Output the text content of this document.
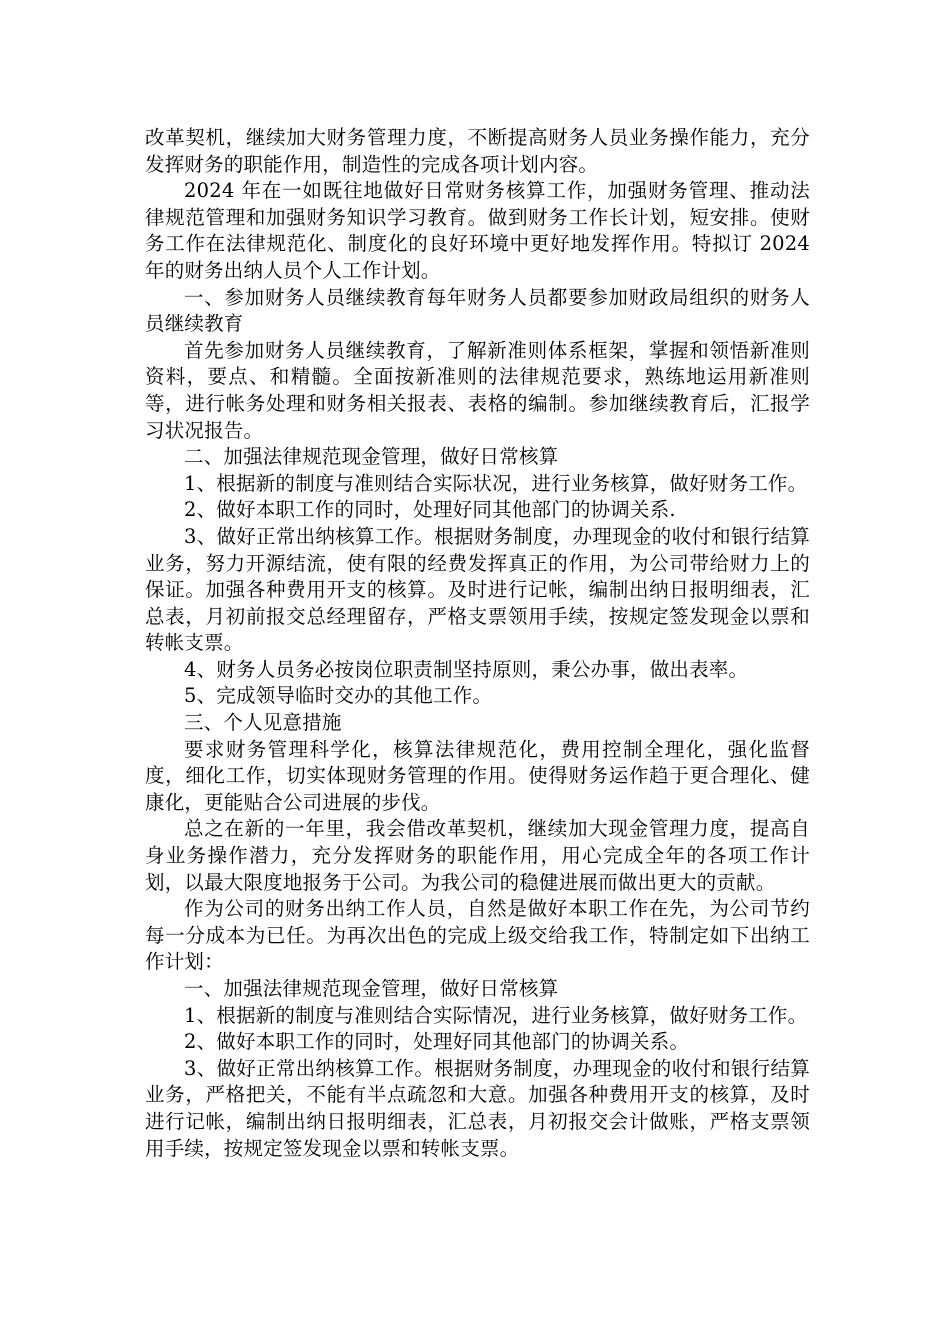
改革契机，继续加大财务管理力度，不断提高财务人员业务操作能力，充分发挥财务的职能作用，制造性的完成各项计划内容。

2024 年在一如既往地做好日常财务核算工作，加强财务管理、推动法律规范管理和加强财务知识学习教育。做到财务工作长计划，短安排。使财务工作在法律规范化、制度化的良好环境中更好地发挥作用。特拟订 2024 年的财务出纳人员个人工作计划。

一、参加财务人员继续教育每年财务人员都要参加财政局组织的财务人员继续教育

首先参加财务人员继续教育，了解新准则体系框架，掌握和领悟新准则资料，要点、和精髓。全面按新准则的法律规范要求，熟练地运用新准则等，进行帐务处理和财务相关报表、表格的编制。参加继续教育后，汇报学习状况报告。

二、加强法律规范现金管理，做好日常核算

1、根据新的制度与准则结合实际状况，进行业务核算，做好财务工作。

2、做好本职工作的同时，处理好同其他部门的协调关系.

3、做好正常出纳核算工作。根据财务制度，办理现金的收付和银行结算业务，努力开源结流，使有限的经费发挥真正的作用，为公司带给财力上的保证。加强各种费用开支的核算。及时进行记帐，编制出纳日报明细表，汇总表，月初前报交总经理留存，严格支票领用手续，按规定签发现金以票和转帐支票。

4、财务人员务必按岗位职责制坚持原则，秉公办事，做出表率。

5、完成领导临时交办的其他工作。

三、个人见意措施

要求财务管理科学化，核算法律规范化，费用控制全理化，强化监督度，细化工作，切实体现财务管理的作用。使得财务运作趋于更合理化、健康化，更能贴合公司进展的步伐。

总之在新的一年里，我会借改革契机，继续加大现金管理力度，提高自身业务操作潜力，充分发挥财务的职能作用，用心完成全年的各项工作计划，以最大限度地报务于公司。为我公司的稳健进展而做出更大的贡献。

作为公司的财务出纳工作人员，自然是做好本职工作在先，为公司节约每一分成本为已任。为再次出色的完成上级交给我工作，特制定如下出纳工作计划：

一、加强法律规范现金管理，做好日常核算

1、根据新的制度与准则结合实际情况，进行业务核算，做好财务工作。

2、做好本职工作的同时，处理好同其他部门的协调关系。

3、做好正常出纳核算工作。根据财务制度，办理现金的收付和银行结算业务，严格把关，不能有半点疏忽和大意。加强各种费用开支的核算，及时进行记帐，编制出纳日报明细表，汇总表，月初报交会计做账，严格支票领用手续，按规定签发现金以票和转帐支票。
